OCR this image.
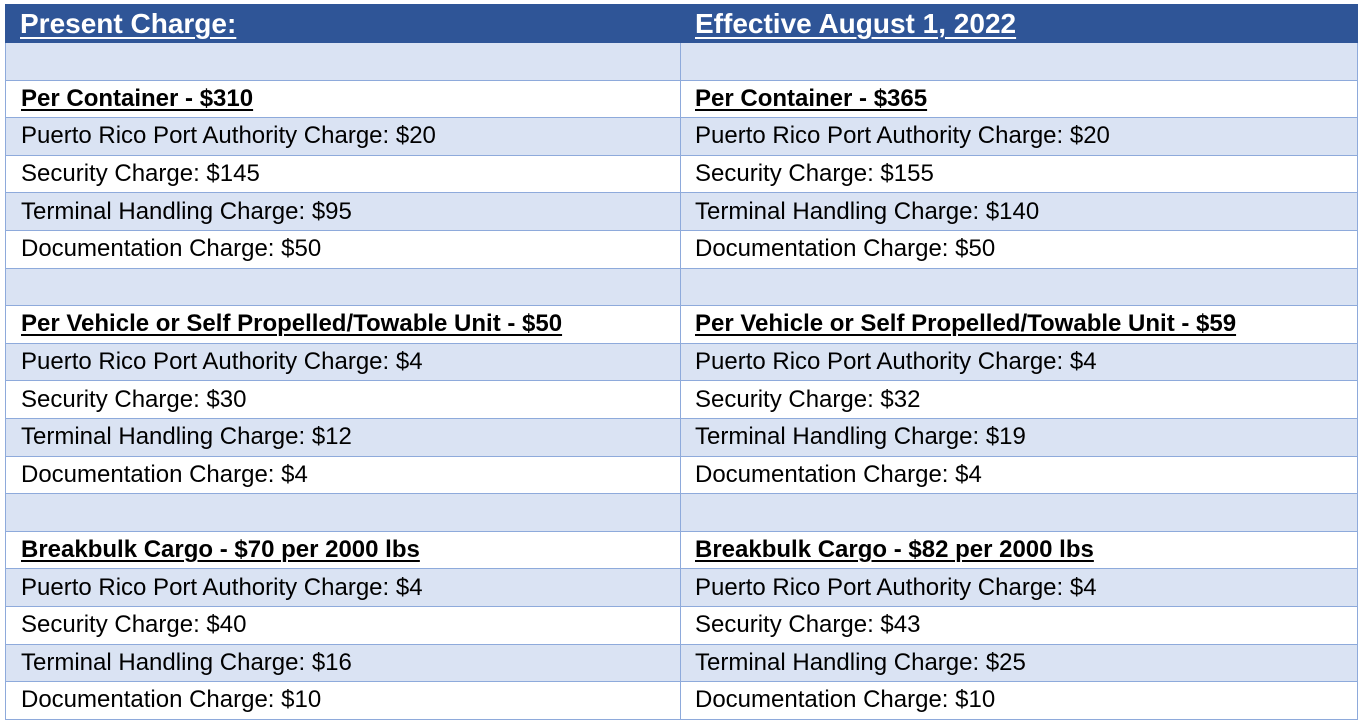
Present Charge:	Effective August 1, 2022
Per Container - $310	Per Container - $365
Puerto Rico Port Authority Charge: $20	Puerto Rico Port Authority Charge: $20
Security Charge: $145	Security Charge: $155
Terminal Handling Charge: $95	Terminal Handling Charge: $140
Documentation Charge: $50	Documentation Charge: $50
Per Vehicle or Self Propelled/Towable Unit - $50	Per Vehicle or Self Propelled/Towable Unit - $59
Puerto Rico Port Authority Charge: $4	Puerto Rico Port Authority Charge: $4
Security Charge: $30	Security Charge: $32
Terminal Handling Charge: $12	Terminal Handling Charge: $19
Documentation Charge: $4	Documentation Charge: $4
Breakbulk Cargo - $70 per 2000 lbs	Breakbulk Cargo - $82 per 2000 lbs
Puerto Rico Port Authority Charge: $4	Puerto Rico Port Authority Charge: $4
Security Charge: $40	Security Charge: $43
Terminal Handling Charge: $16	Terminal Handling Charge: $25
Documentation Charge: $10	Documentation Charge: $10
